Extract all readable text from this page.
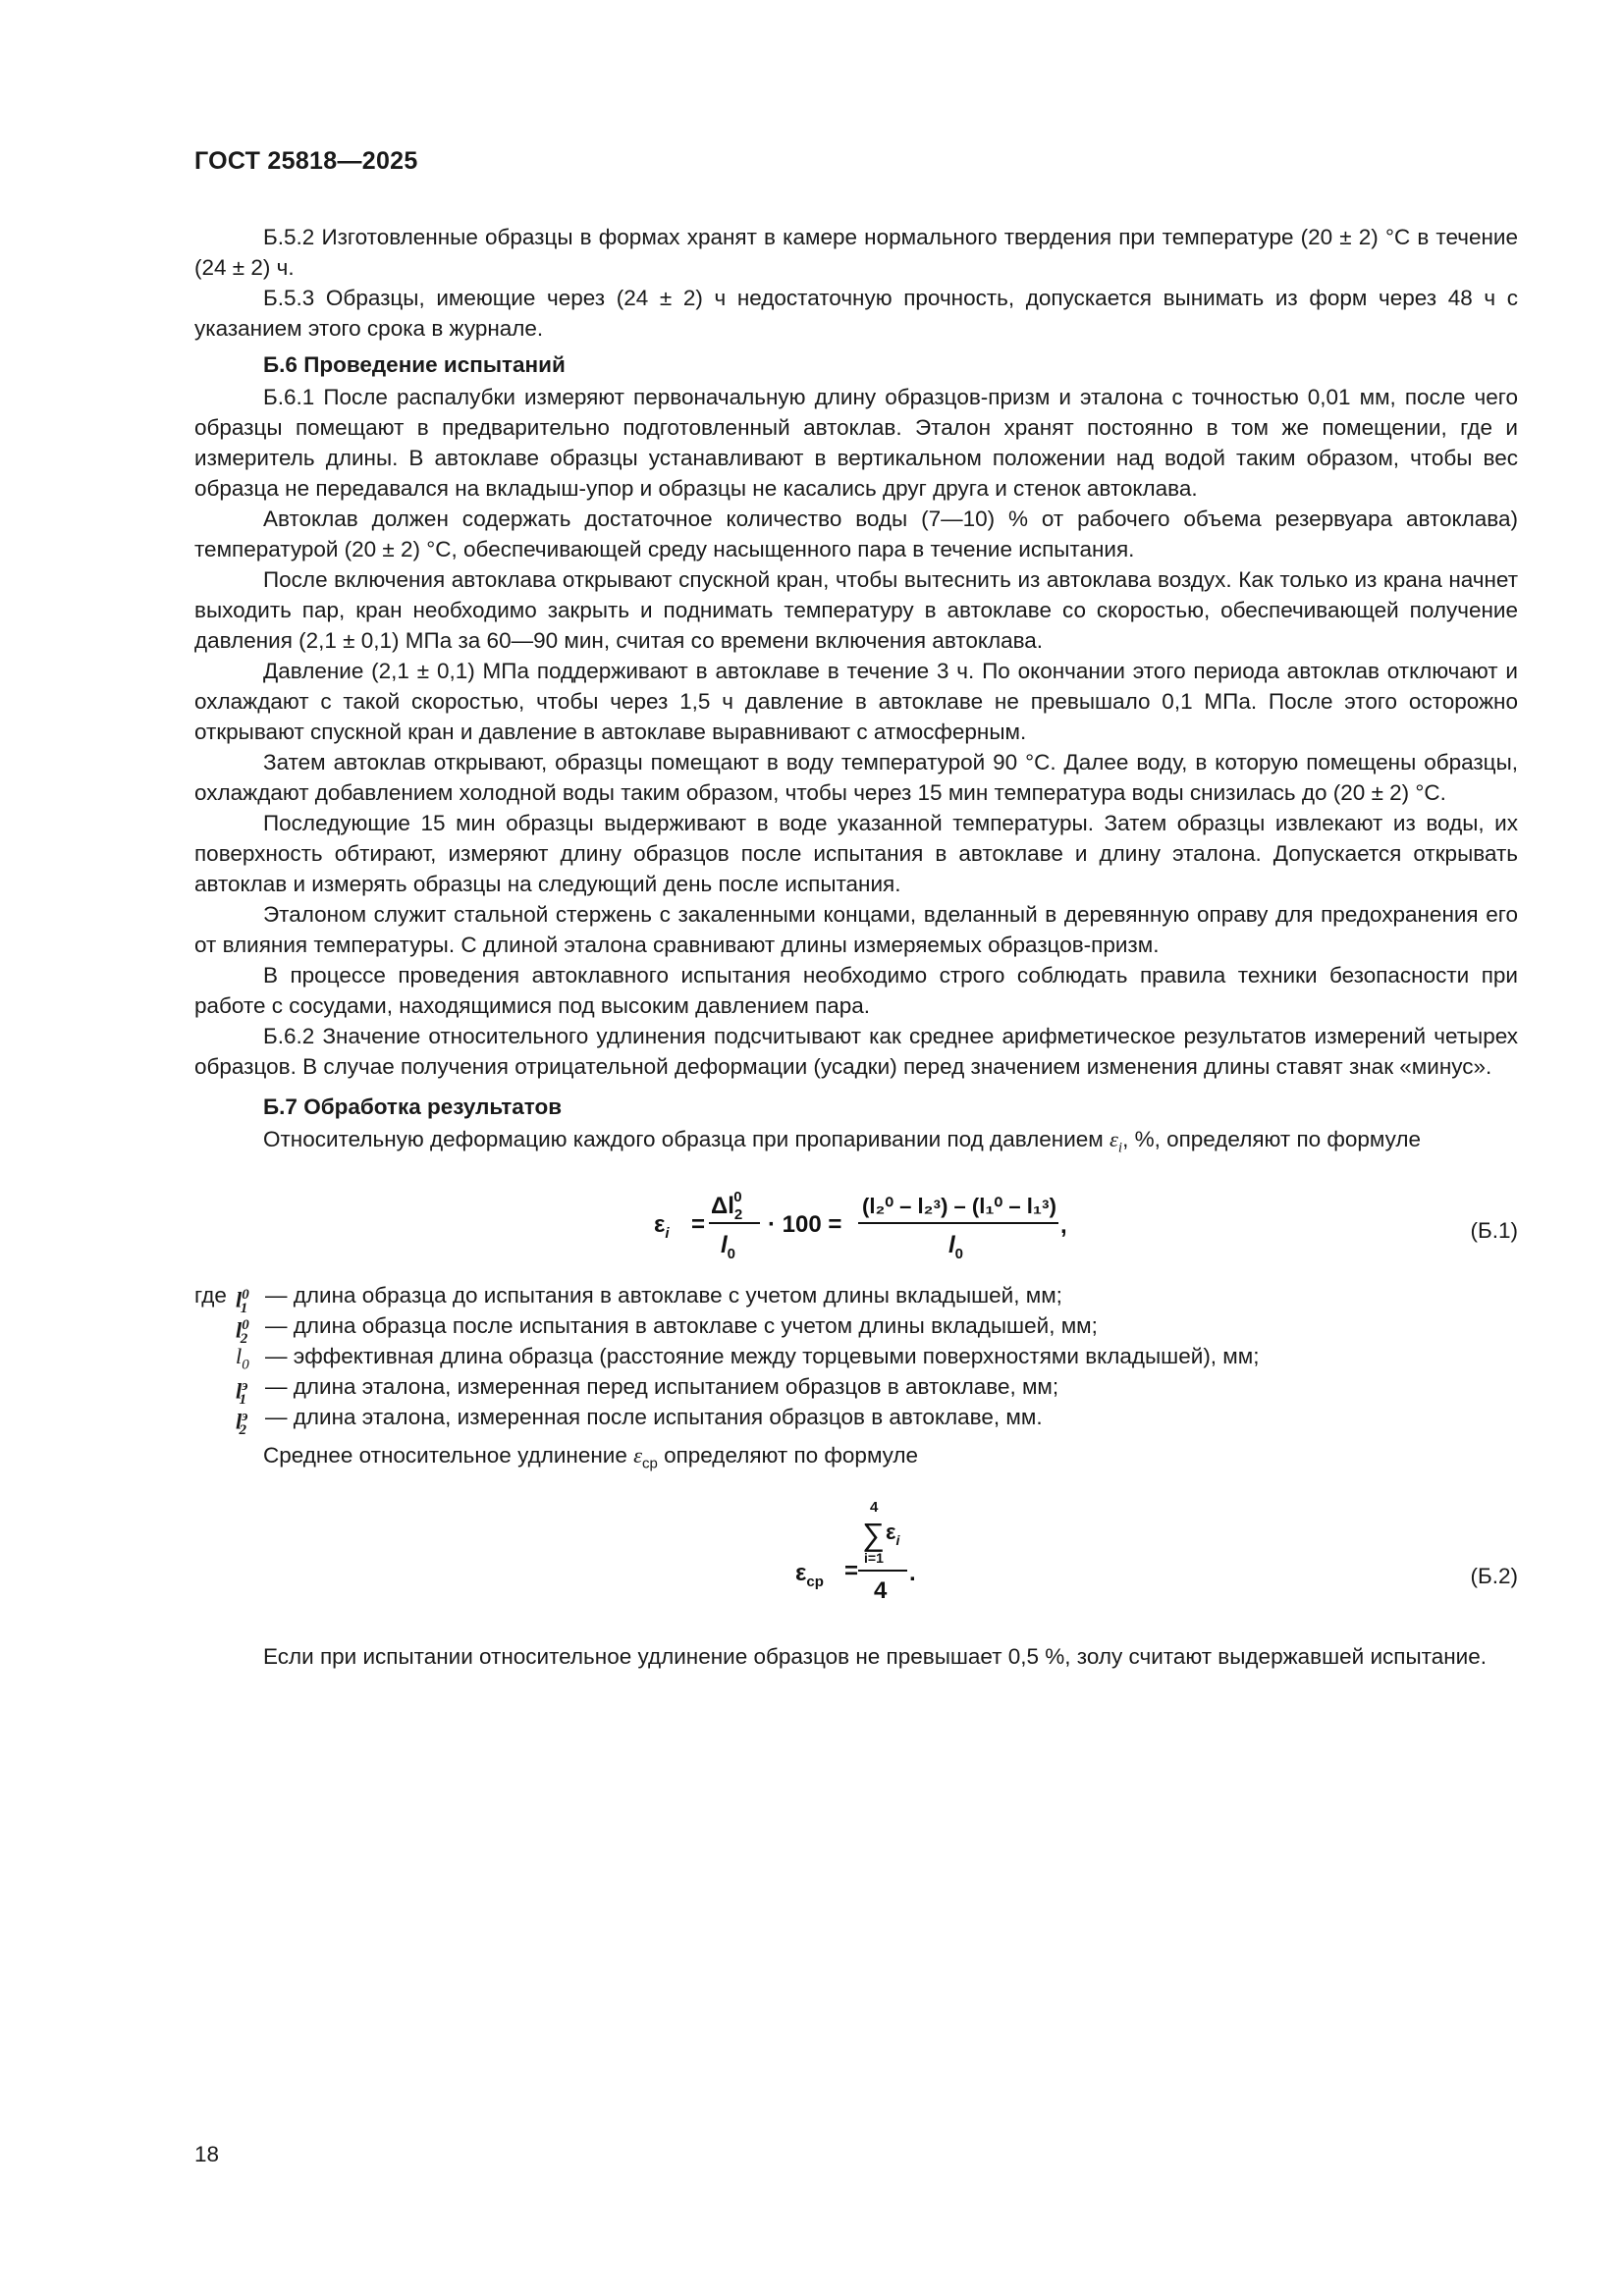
ГОСТ 25818—2025

Б.5.2 Изготовленные образцы в формах хранят в камере нормального твердения при температуре (20 ± 2) °C в течение (24 ± 2) ч.

Б.5.3 Образцы, имеющие через (24 ± 2) ч недостаточную прочность, допускается вынимать из форм через 48 ч с указанием этого срока в журнале.

Б.6 Проведение испытаний

Б.6.1 После распалубки измеряют первоначальную длину образцов-призм и эталона с точностью 0,01 мм, после чего образцы помещают в предварительно подготовленный автоклав. Эталон хранят постоянно в том же помещении, где и измеритель длины. В автоклаве образцы устанавливают в вертикальном положении над водой таким образом, чтобы вес образца не передавался на вкладыш-упор и образцы не касались друг друга и стенок автоклава.

Автоклав должен содержать достаточное количество воды (7—10) % от рабочего объема резервуара автоклава) температурой (20 ± 2) °C, обеспечивающей среду насыщенного пара в течение испытания.

После включения автоклава открывают спускной кран, чтобы вытеснить из автоклава воздух. Как только из крана начнет выходить пар, кран необходимо закрыть и поднимать температуру в автоклаве со скоростью, обеспечивающей получение давления (2,1 ± 0,1) МПа за 60—90 мин, считая со времени включения автоклава.

Давление (2,1 ± 0,1) МПа поддерживают в автоклаве в течение 3 ч. По окончании этого периода автоклав отключают и охлаждают с такой скоростью, чтобы через 1,5 ч давление в автоклаве не превышало 0,1 МПа. После этого осторожно открывают спускной кран и давление в автоклаве выравнивают с атмосферным.

Затем автоклав открывают, образцы помещают в воду температурой 90 °C. Далее воду, в которую помещены образцы, охлаждают добавлением холодной воды таким образом, чтобы через 15 мин температура воды снизилась до (20 ± 2) °C.

Последующие 15 мин образцы выдерживают в воде указанной температуры. Затем образцы извлекают из воды, их поверхность обтирают, измеряют длину образцов после испытания в автоклаве и длину эталона. Допускается открывать автоклав и измерять образцы на следующий день после испытания.

Эталоном служит стальной стержень с закаленными концами, вделанный в деревянную оправу для предохранения его от влияния температуры. С длиной эталона сравнивают длины измеряемых образцов-призм.

В процессе проведения автоклавного испытания необходимо строго соблюдать правила техники безопасности при работе с сосудами, находящимися под высоким давлением пара.

Б.6.2 Значение относительного удлинения подсчитывают как среднее арифметическое результатов измерений четырех образцов. В случае получения отрицательной деформации (усадки) перед значением изменения длины ставят знак «минус».

Б.7 Обработка результатов

Относительную деформацию каждого образца при пропаривании под давлением $\varepsilon_i$, %, определяют по формуле

$\varepsilon_i$ =
$\Delta l_20$
$l_0$
· 100 =
(l₂⁰ – l₂ᵌ) – (l₁⁰ – l₁ᵌ)
$l_0$
,	(Б.1)
где $l^0_1$
— длина образца до испытания в автоклаве с учетом длины вкладышей, мм;
$l^0_2$
— длина образца после испытания в автоклаве с учетом длины вкладышей, мм;
$l_0$ — эффективная длина образца (расстояние между торцевыми поверхностями вкладышей), мм;
$l^э_1$
— длина эталона, измеренная перед испытанием образцов в автоклаве, мм;
$l^э_2$
— длина эталона, измеренная после испытания образцов в автоклаве, мм.

Среднее относительное удлинение $\varepsilon_{ср}$ определяют по формуле

$\varepsilon_{ср}$ =
4
∑ $\varepsilon_i$
i=1
4
.	(Б.2)

Если при испытании относительное удлинение образцов не превышает 0,5 %, золу считают выдержавшей испытание.

18
